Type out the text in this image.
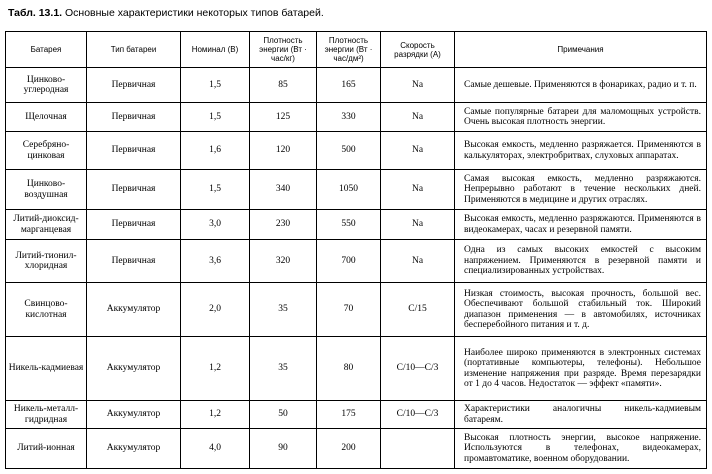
Табл. 13.1. Основные характеристики некоторых типов батарей.
Батарея	Тип батареи	Номинал (В)	Плотность энергии (Вт · час/кг)	Плотность энергии (Вт · час/дм²)	Скорость разрядки (А)	Примечания
Цинково-углеродная	Первичная	1,5	85	165	Na	Самые дешевые. Применяются в фонариках, радио и т. п.
Щелочная	Первичная	1,5	125	330	Na	Самые популярные батареи для маломощных устройств. Очень высокая плотность энергии.
Серебряно-цинковая	Первичная	1,6	120	500	Na	Высокая емкость, медленно разряжается. Применяются в калькуляторах, электробритвах, слуховых аппаратах.
Цинково-воздушная	Первичная	1,5	340	1050	Na	Самая высокая емкость, медленно разряжаются. Непрерывно работают в течение нескольких дней. Применяются в медицине и других отраслях.
Литий-диоксид-марганцевая	Первичная	3,0	230	550	Na	Высокая емкость, медленно разряжаются. Применяются в видеокамерах, часах и резервной памяти.
Литий-тионил-хлоридная	Первичная	3,6	320	700	Na	Одна из самых высоких емкостей с высоким напряжением. Применяются в резервной памяти и специализированных устройствах.
Свинцово-кислотная	Аккумулятор	2,0	35	70	C/15	Низкая стоимость, высокая прочность, большой вес. Обеспечивают большой стабильный ток. Широкий диапазон применения — в автомобилях, источниках бесперебойного питания и т. д.
Никель-кадмиевая	Аккумулятор	1,2	35	80	C/10—C/3	Наиболее широко применяются в электронных системах (портативные компьютеры, телефоны). Небольшое изменение напряжения при разряде. Время перезарядки от 1 до 4 часов. Недостаток — эффект «памяти».
Никель-металл-гидридная	Аккумулятор	1,2	50	175	C/10—C/3	Характеристики аналогичны никель-кадмиевым батареям.
Литий-ионная	Аккумулятор	4,0	90	200		Высокая плотность энергии, высокое напряжение. Используются в телефонах, видеокамерах, промавтоматике, военном оборудовании.
